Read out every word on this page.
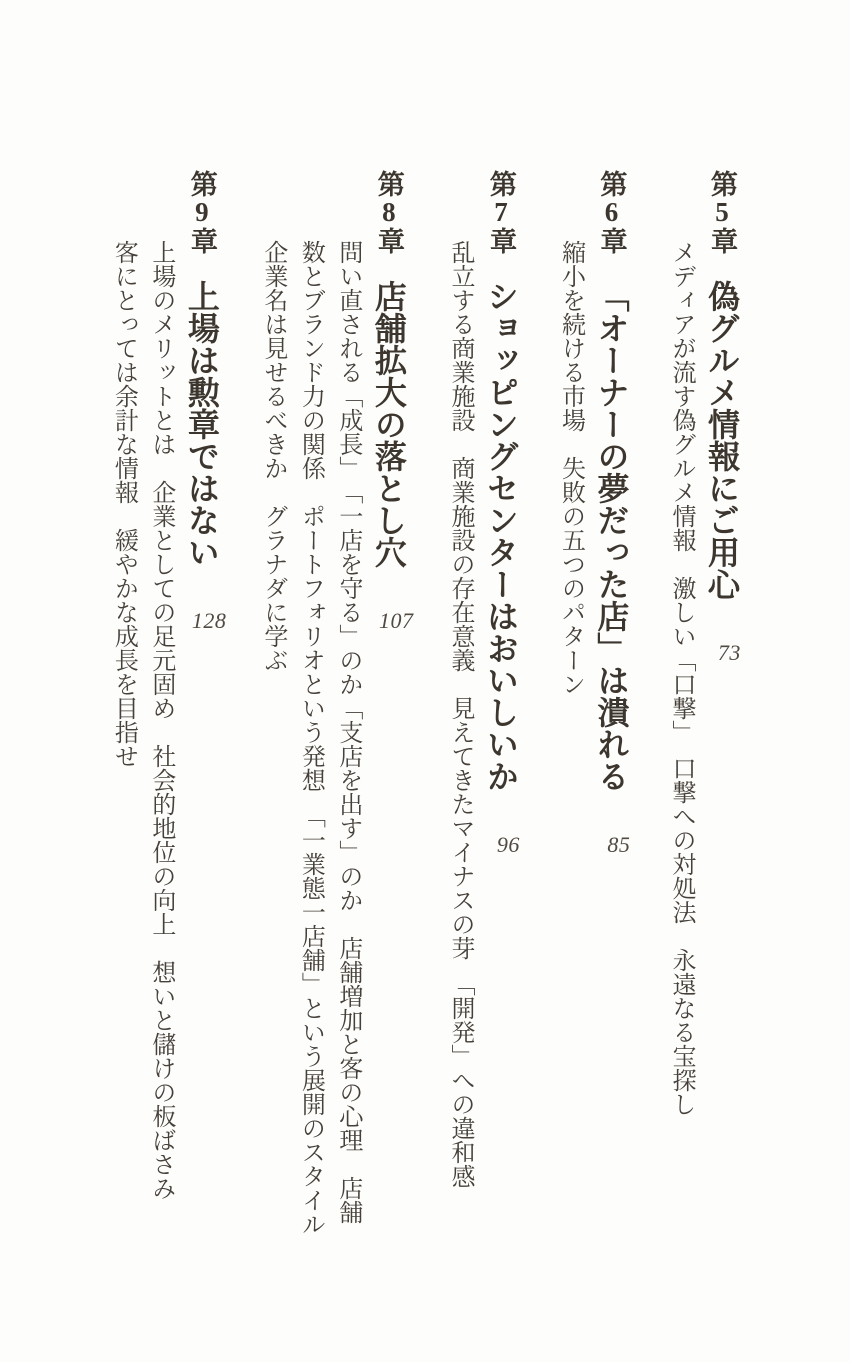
第5章偽グルメ情報にご用心73

メディアが流す偽グルメ情報激しい「口撃」口撃への対処法永遠なる宝探し

第6章「オーナーの夢だった店」は潰れる85

縮小を続ける市場失敗の五つのパターン

第7章ショッピングセンターはおいしいか96

乱立する商業施設商業施設の存在意義見えてきたマイナスの芽「開発」への違和感

第8章店舗拡大の落とし穴107

問い直される「成長」「一店を守る」のか「支店を出す」のか店舗増加と客の心理店舗数とブランド力の関係ポートフォリオという発想「一業態一店舗」という展開のスタイル企業名は見せるべきかグラナダに学ぶ

第9章上場は勲章ではない128

上場のメリットとは企業としての足元固め社会的地位の向上想いと儲けの板ばさみ客にとっては余計な情報緩やかな成長を目指せ
